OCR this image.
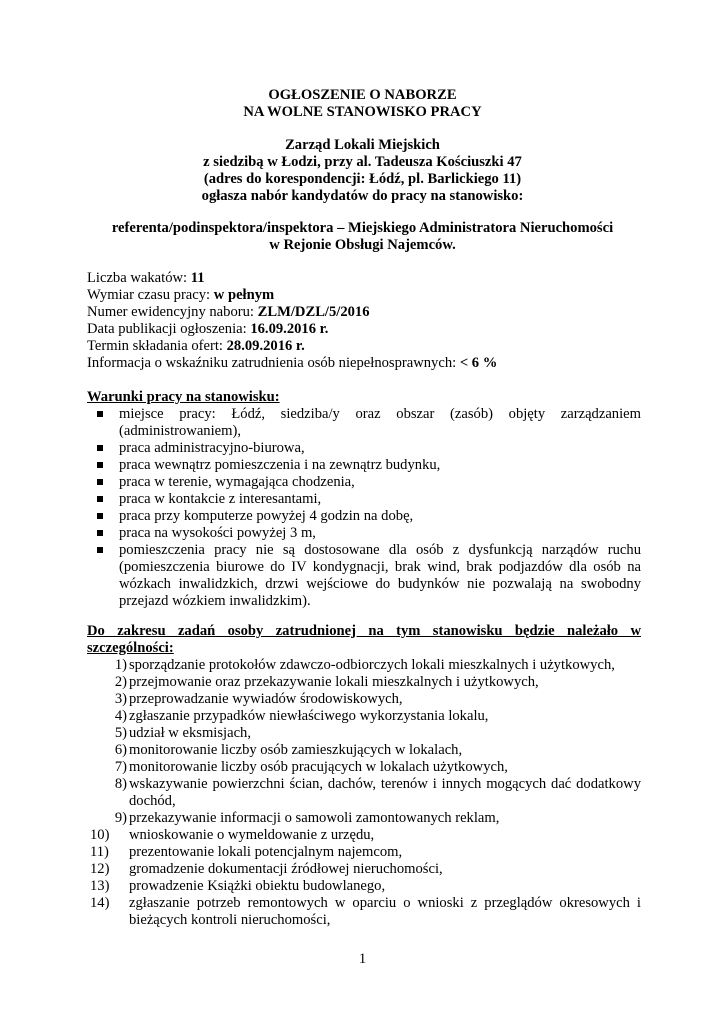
OGŁOSZENIE O NABORZE
NA WOLNE STANOWISKO PRACY
Zarząd Lokali Miejskich
z siedzibą w Łodzi, przy al. Tadeusza Kościuszki 47
(adres do korespondencji: Łódź, pl. Barlickiego 11)
ogłasza nabór kandydatów do pracy na stanowisko:
referenta/podinspektora/inspektora – Miejskiego Administratora Nieruchomości
w Rejonie Obsługi Najemców.
Liczba wakatów: 11
Wymiar czasu pracy: w pełnym
Numer ewidencyjny naboru: ZLM/DZL/5/2016
Data publikacji ogłoszenia: 16.09.2016 r.
Termin składania ofert: 28.09.2016 r.
Informacja o wskaźniku zatrudnienia osób niepełnosprawnych: < 6 %
Warunki pracy na stanowisku:
miejsce pracy: Łódź, siedziba/y oraz obszar (zasób) objęty zarządzaniem (administrowaniem),
praca administracyjno-biurowa,
praca wewnątrz pomieszczenia i na zewnątrz budynku,
praca w terenie, wymagająca chodzenia,
praca w kontakcie z interesantami,
praca przy komputerze powyżej 4 godzin na dobę,
praca na wysokości powyżej 3 m,
pomieszczenia pracy nie są dostosowane dla osób z dysfunkcją narządów ruchu (pomieszczenia biurowe do IV kondygnacji, brak wind, brak podjazdów dla osób na wózkach inwalidzkich, drzwi wejściowe do budynków nie pozwalają na swobodny przejazd wózkiem inwalidzkim).
Do zakresu zadań osoby zatrudnionej na tym stanowisku będzie należało w szczególności:
1) sporządzanie protokołów zdawczo-odbiorczych lokali mieszkalnych i użytkowych,
2) przejmowanie oraz przekazywanie lokali mieszkalnych i użytkowych,
3) przeprowadzanie wywiadów środowiskowych,
4) zgłaszanie przypadków niewłaściwego wykorzystania lokalu,
5) udział w eksmisjach,
6) monitorowanie liczby osób zamieszkujących w lokalach,
7) monitorowanie liczby osób pracujących w lokalach użytkowych,
8) wskazywanie powierzchni ścian, dachów, terenów i innych mogących dać dodatkowy dochód,
9) przekazywanie informacji o samowoli zamontowanych reklam,
10)	wnioskowanie o wymeldowanie z urzędu,
11)	prezentowanie lokali potencjalnym najemcom,
12)	gromadzenie dokumentacji źródłowej nieruchomości,
13)	prowadzenie Książki obiektu budowlanego,
14)	zgłaszanie potrzeb remontowych w oparciu o wnioski z przeglądów okresowych i bieżących kontroli nieruchomości,
1
